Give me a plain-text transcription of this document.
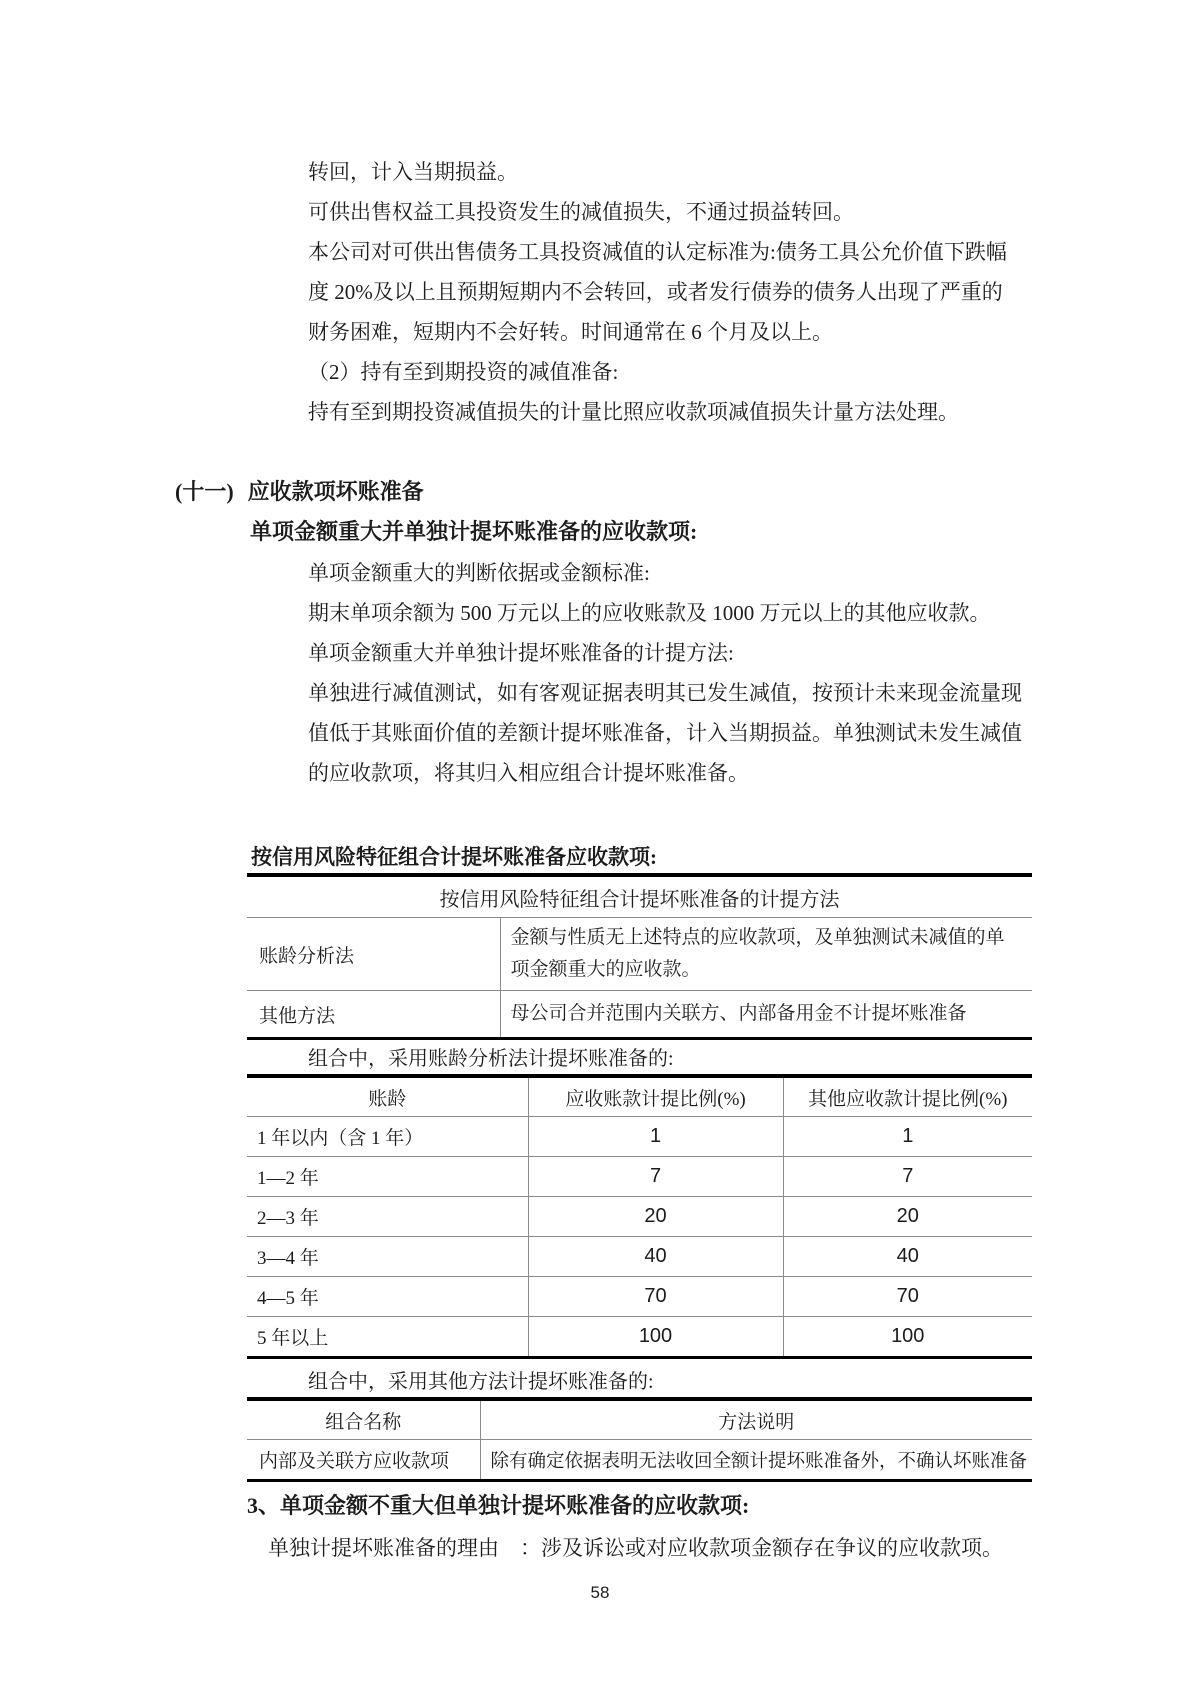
转回，计入当期损益。
可供出售权益工具投资发生的减值损失，不通过损益转回。
本公司对可供出售债务工具投资减值的认定标准为:债务工具公允价值下跌幅
度 20%及以上且预期短期内不会转回，或者发行债券的债务人出现了严重的
财务困难，短期内不会好转。时间通常在 6 个月及以上。
（2）持有至到期投资的减值准备:
持有至到期投资减值损失的计量比照应收款项减值损失计量方法处理。
(十一) 应收款项坏账准备
单项金额重大并单独计提坏账准备的应收款项:
单项金额重大的判断依据或金额标准:
期末单项余额为 500 万元以上的应收账款及 1000 万元以上的其他应收款。
单项金额重大并单独计提坏账准备的计提方法:
单独进行减值测试，如有客观证据表明其已发生减值，按预计未来现金流量现
值低于其账面价值的差额计提坏账准备，计入当期损益。单独测试未发生减值
的应收款项，将其归入相应组合计提坏账准备。
按信用风险特征组合计提坏账准备应收款项:
按信用风险特征组合计提坏账准备的计提方法	
账龄分析法	金额与性质无上述特点的应收款项，及单独测试未减值的单项金额重大的应收款。
其他方法	母公司合并范围内关联方、内部备用金不计提坏账准备
组合中，采用账龄分析法计提坏账准备的:
账龄	应收账款计提比例(%)	其他应收款计提比例(%)
1 年以内（含 1 年）	1	1
1—2 年	7	7
2—3 年	20	20
3—4 年	40	40
4—5 年	70	70
5 年以上	100	100
组合中，采用其他方法计提坏账准备的:
组合名称	方法说明
内部及关联方应收款项	除有确定依据表明无法收回全额计提坏账准备外，不确认坏账准备
3、单项金额不重大但单独计提坏账准备的应收款项:
单独计提坏账准备的理由　：涉及诉讼或对应收款项金额存在争议的应收款项。
58
